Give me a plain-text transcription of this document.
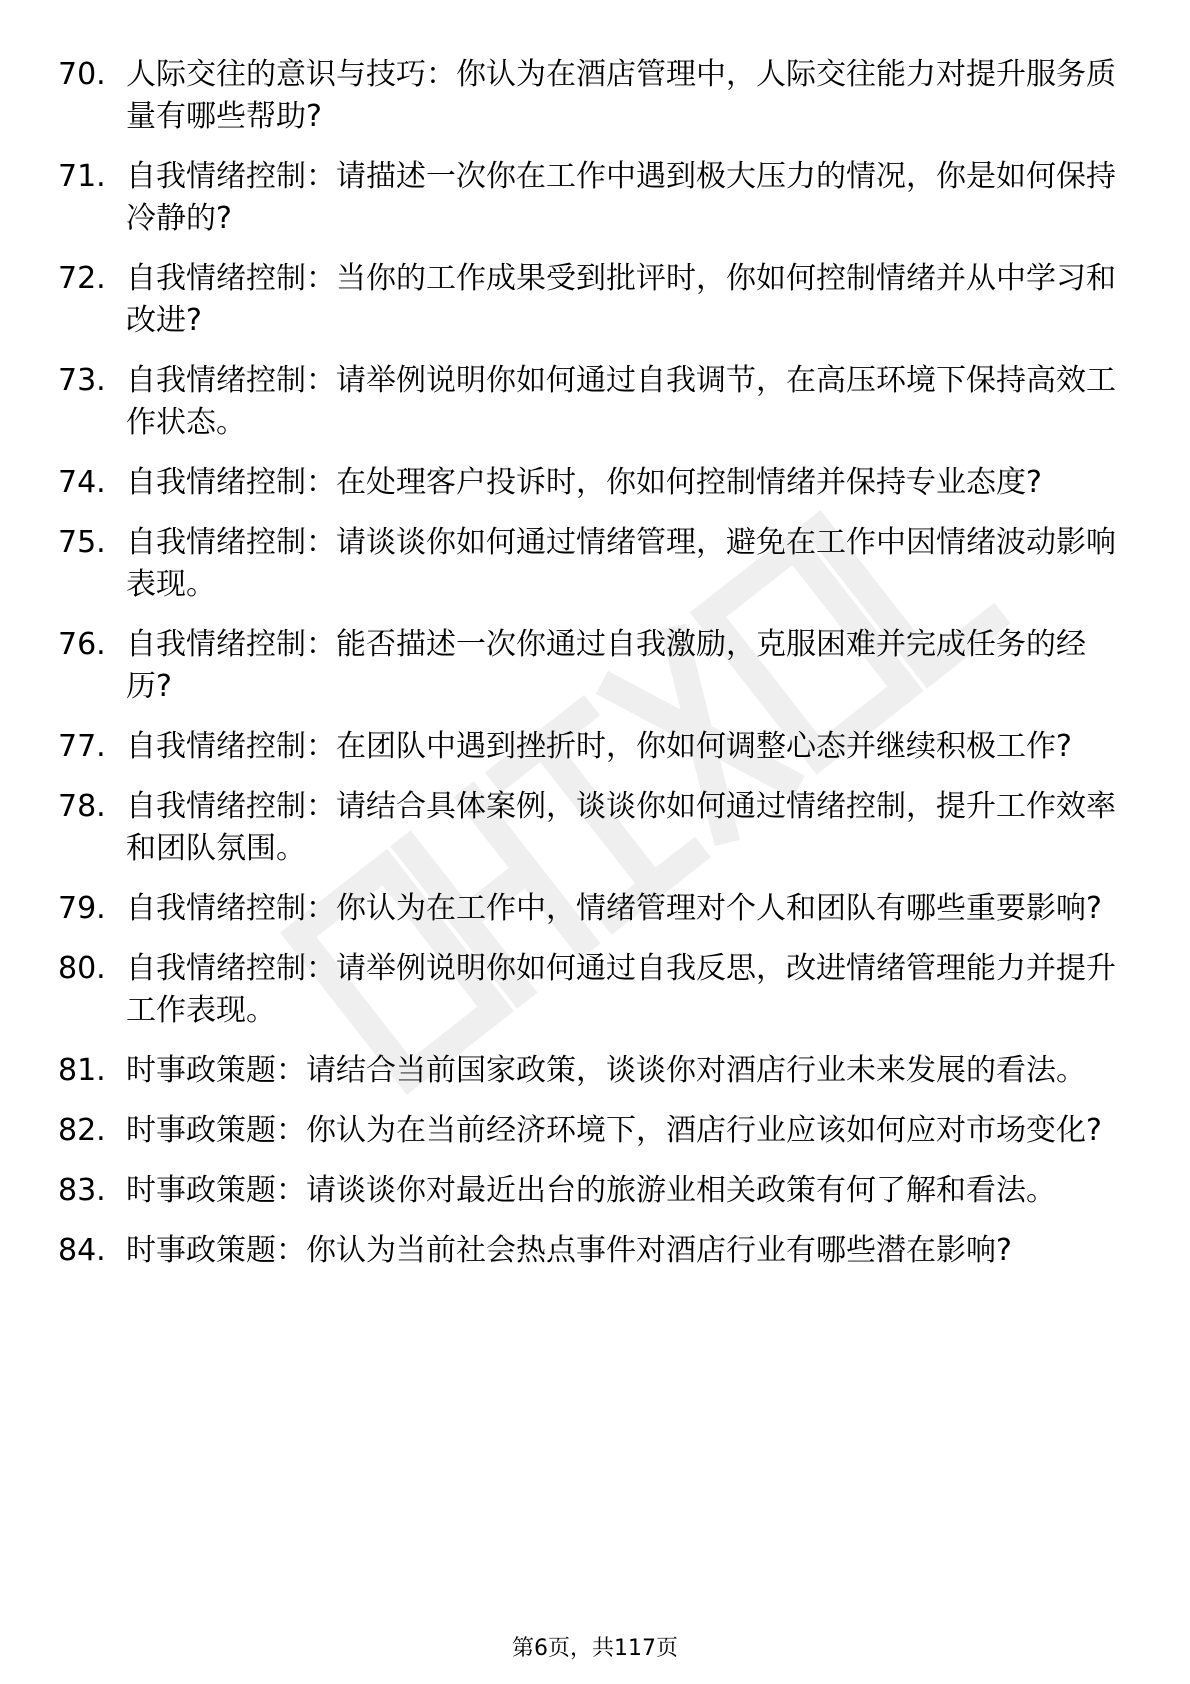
70. 人际交往的意识与技巧：你认为在酒店管理中，人际交往能力对提升服务质量有哪些帮助?
71. 自我情绪控制：请描述一次你在工作中遇到极大压力的情况，你是如何保持冷静的?
72. 自我情绪控制：当你的工作成果受到批评时，你如何控制情绪并从中学习和改进?
73. 自我情绪控制：请举例说明你如何通过自我调节，在高压环境下保持高效工作状态。
74. 自我情绪控制：在处理客户投诉时，你如何控制情绪并保持专业态度?
75. 自我情绪控制：请谈谈你如何通过情绪管理，避免在工作中因情绪波动影响表现。
76. 自我情绪控制：能否描述一次你通过自我激励，克服困难并完成任务的经历?
77. 自我情绪控制：在团队中遇到挫折时，你如何调整心态并继续积极工作?
78. 自我情绪控制：请结合具体案例，谈谈你如何通过情绪控制，提升工作效率和团队氛围。
79. 自我情绪控制：你认为在工作中，情绪管理对个人和团队有哪些重要影响?
80. 自我情绪控制：请举例说明你如何通过自我反思，改进情绪管理能力并提升工作表现。
81. 时事政策题：请结合当前国家政策，谈谈你对酒店行业未来发展的看法。
82. 时事政策题：你认为在当前经济环境下，酒店行业应该如何应对市场变化?
83. 时事政策题：请谈谈你对最近出台的旅游业相关政策有何了解和看法。
84. 时事政策题：你认为当前社会热点事件对酒店行业有哪些潜在影响?
第6页，共117页
